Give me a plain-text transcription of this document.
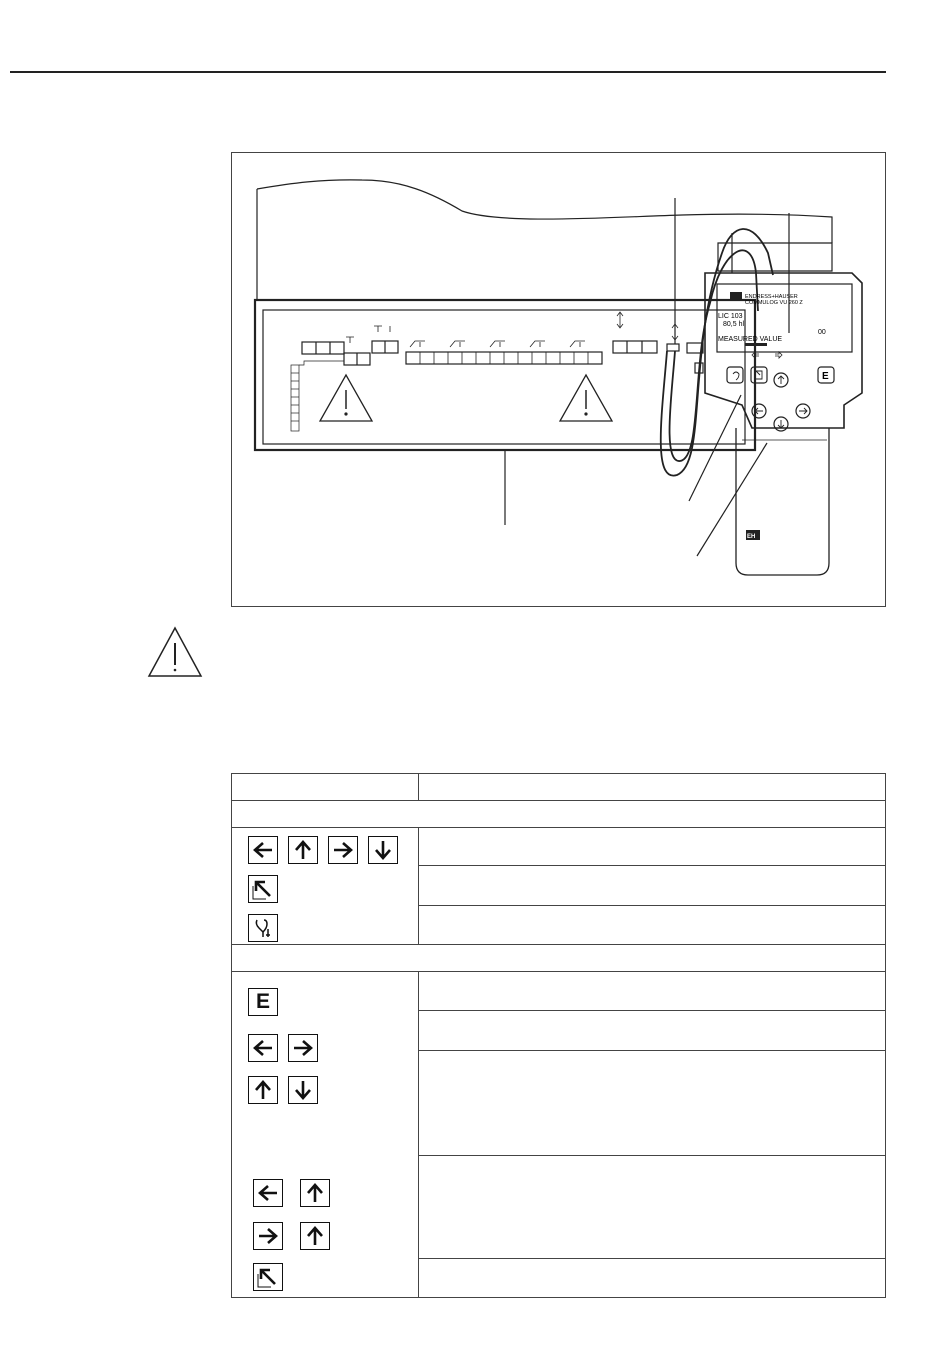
ENDRESS+HAUSER
COMMULOG VU 260 Z
LIC 103
80,5 hl
MEASURED VALUE
00
E
EH
E
